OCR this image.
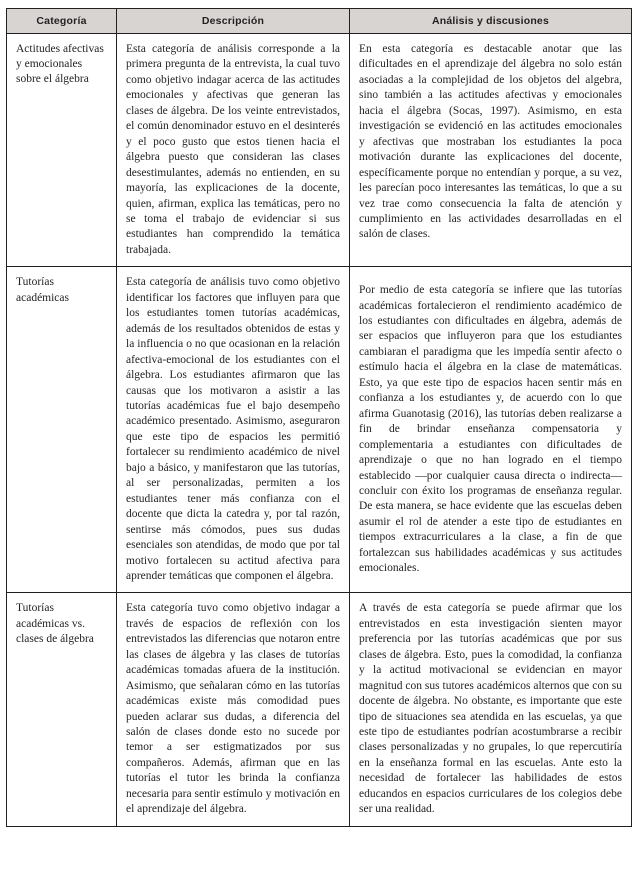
Categoría	Descripción	Análisis y discusiones
Actitudes afectivas y emocionales sobre el álgebra	Esta categoría de análisis corresponde a la primera pregunta de la entrevista, la cual tuvo como objetivo indagar acerca de las actitudes emocionales y afectivas que generan las clases de álgebra. De los veinte entrevistados, el común denominador estuvo en el desinterés y el poco gusto que estos tienen hacia el álgebra puesto que consideran las clases desestimulantes, además no entienden, en su mayoría, las explicaciones de la docente, quien, afirman, explica las temáticas, pero no se toma el trabajo de evidenciar si sus estudiantes han comprendido la temática trabajada.	En esta categoría es destacable anotar que las dificultades en el aprendizaje del álgebra no solo están asociadas a la complejidad de los objetos del algebra, sino también a las actitudes afectivas y emocionales hacia el álgebra (Socas, 1997). Asimismo, en esta investigación se evidenció en las actitudes emocionales y afectivas que mostraban los estudiantes la poca motivación durante las explicaciones del docente, específicamente porque no entendían y porque, a su vez, les parecían poco interesantes las temáticas, lo que a su vez trae como consecuencia la falta de atención y cumplimiento en las actividades desarrolladas en el salón de clases.
Tutorías académicas	Esta categoría de análisis tuvo como objetivo identificar los factores que influyen para que los estudiantes tomen tutorías académicas, además de los resultados obtenidos de estas y la influencia o no que ocasionan en la relación afectiva-emocional de los estudiantes con el álgebra. Los estudiantes afirmaron que las causas que los motivaron a asistir a las tutorías académicas fue el bajo desempeño académico presentado. Asimismo, aseguraron que este tipo de espacios les permitió fortalecer su rendimiento académico de nivel bajo a básico, y manifestaron que las tutorías, al ser personalizadas, permiten a los estudiantes tener más confianza con el docente que dicta la catedra y, por tal razón, sentirse más cómodos, pues sus dudas esenciales son atendidas, de modo que por tal motivo fortalecen su actitud afectiva para aprender temáticas que componen el álgebra.	Por medio de esta categoría se infiere que las tutorías académicas fortalecieron el rendimiento académico de los estudiantes con dificultades en álgebra, además de ser espacios que influyeron para que los estudiantes cambiaran el paradigma que les impedía sentir afecto o estímulo hacia el álgebra en la clase de matemáticas. Esto, ya que este tipo de espacios hacen sentir más en confianza a los estudiantes y, de acuerdo con lo que afirma Guanotasig (2016), las tutorías deben realizarse a fin de brindar enseñanza compensatoria y complementaria a estudiantes con dificultades de aprendizaje o que no han logrado en el tiempo establecido —por cualquier causa directa o indirecta— concluir con éxito los programas de enseñanza regular. De esta manera, se hace evidente que las escuelas deben asumir el rol de atender a este tipo de estudiantes en tiempos extracurriculares a la clase, a fin de que fortalezcan sus habilidades académicas y sus actitudes emocionales.
Tutorías académicas vs. clases de álgebra	Esta categoría tuvo como objetivo indagar a través de espacios de reflexión con los entrevistados las diferencias que notaron entre las clases de álgebra y las clases de tutorías académicas tomadas afuera de la institución. Asimismo, que señalaran cómo en las tutorías académicas existe más comodidad pues pueden aclarar sus dudas, a diferencia del salón de clases donde esto no sucede por temor a ser estigmatizados por sus compañeros. Además, afirman que en las tutorías el tutor les brinda la confianza necesaria para sentir estímulo y motivación en el aprendizaje del álgebra.	A través de esta categoría se puede afirmar que los entrevistados en esta investigación sienten mayor preferencia por las tutorías académicas que por sus clases de álgebra. Esto, pues la comodidad, la confianza y la actitud motivacional se evidencian en mayor magnitud con sus tutores académicos alternos que con su docente de álgebra. No obstante, es importante que este tipo de situaciones sea atendida en las escuelas, ya que este tipo de estudiantes podrían acostumbrarse a recibir clases personalizadas y no grupales, lo que repercutiría en la enseñanza formal en las escuelas. Ante esto la necesidad de fortalecer las habilidades de estos educandos en espacios curriculares de los colegios debe ser una realidad.
